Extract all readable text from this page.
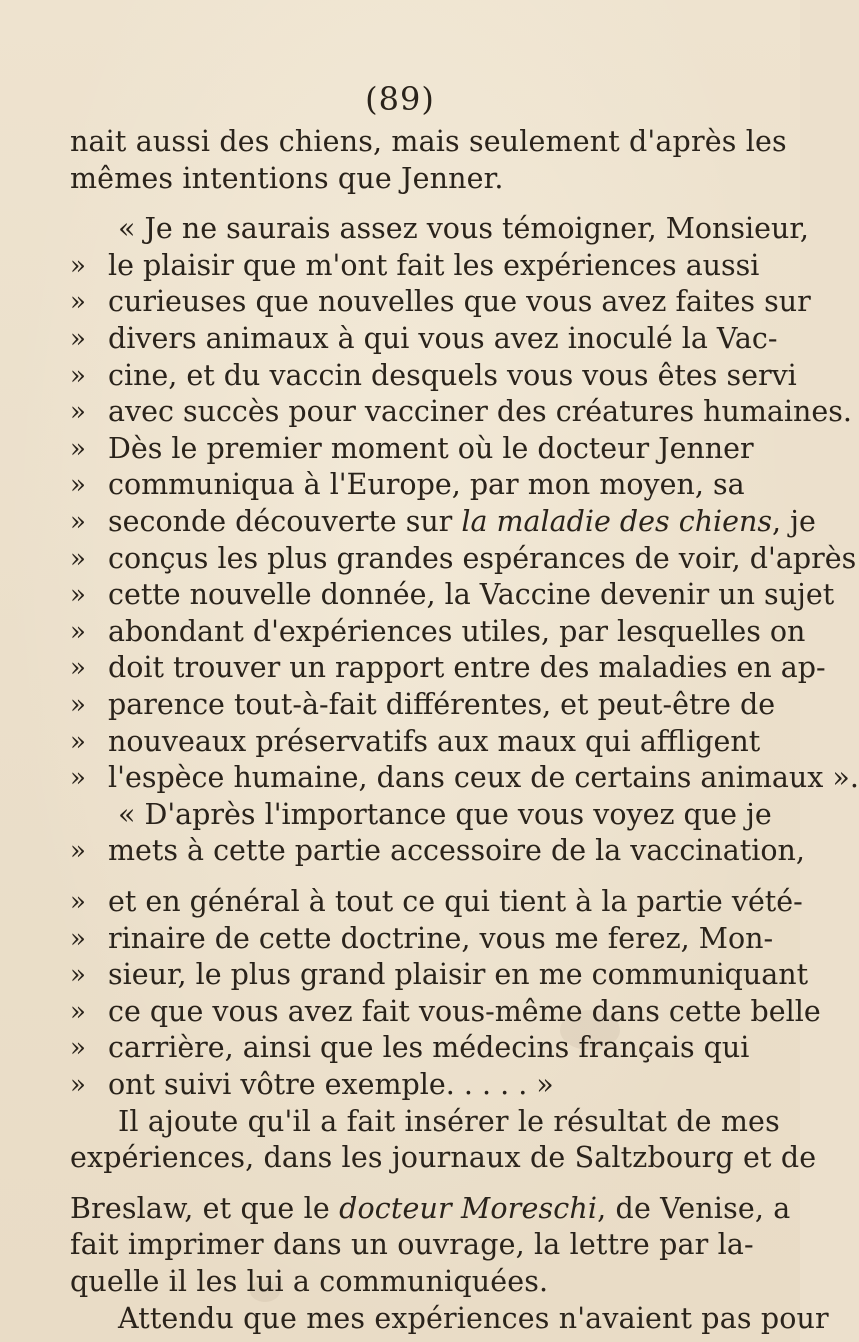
(89)
nait aussi des chiens, mais seulement d'après les
mêmes intentions que Jenner.
« Je ne saurais assez vous témoigner, Monsieur,
» le plaisir que m'ont fait les expériences aussi
» curieuses que nouvelles que vous avez faites sur
» divers animaux à qui vous avez inoculé la Vac-
» cine, et du vaccin desquels vous vous êtes servi
» avec succès pour vacciner des créatures humaines.
» Dès le premier moment où le docteur Jenner
» communiqua à l'Europe, par mon moyen, sa
» seconde découverte sur la maladie des chiens, je
» conçus les plus grandes espérances de voir, d'après
» cette nouvelle donnée, la Vaccine devenir un sujet
» abondant d'expériences utiles, par lesquelles on
» doit trouver un rapport entre des maladies en ap-
» parence tout-à-fait différentes, et peut-être de
» nouveaux préservatifs aux maux qui affligent
» l'espèce humaine, dans ceux de certains animaux ».
« D'après l'importance que vous voyez que je
» mets à cette partie accessoire de la vaccination,
» et en général à tout ce qui tient à la partie vété-
» rinaire de cette doctrine, vous me ferez, Mon-
» sieur, le plus grand plaisir en me communiquant
» ce que vous avez fait vous-même dans cette belle
» carrière, ainsi que les médecins français qui
» ont suivi vôtre exemple. . . . . »
Il ajoute qu'il a fait insérer le résultat de mes
expériences, dans les journaux de Saltzbourg et de
Breslaw, et que le docteur Moreschi, de Venise, a
fait imprimer dans un ouvrage, la lettre par la-
quelle il les lui a communiquées.
Attendu que mes expériences n'avaient pas pour
